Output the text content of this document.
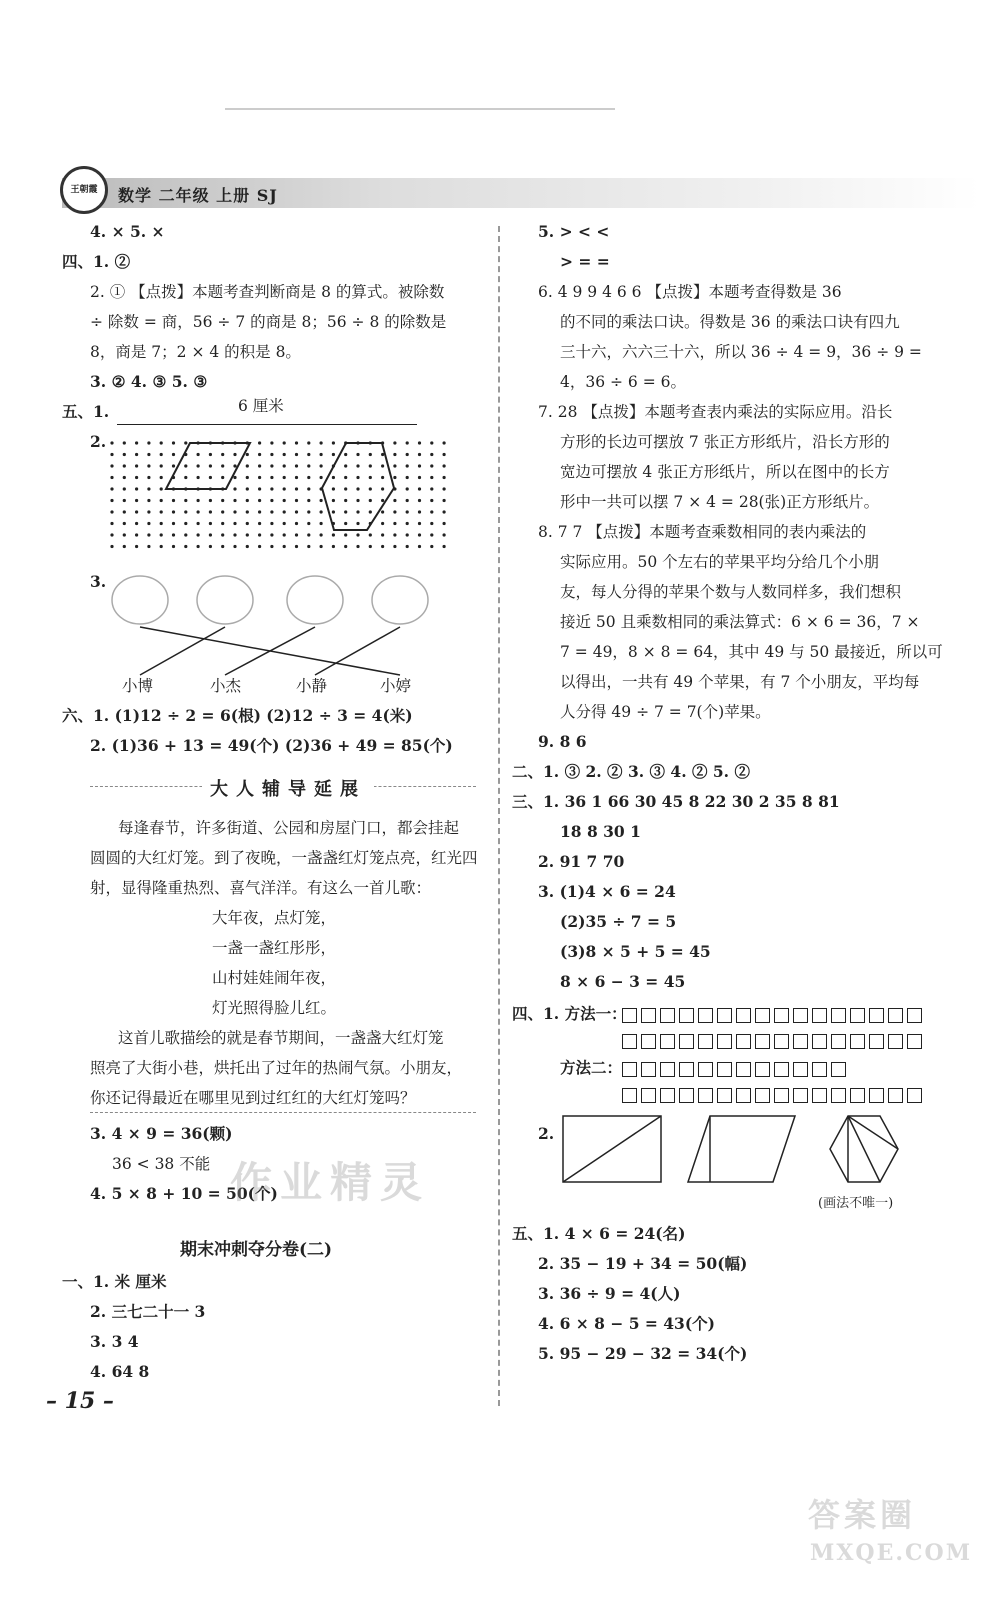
王朝霞	数学 二年级 上册 SJ
4. × 5. ×
四、1. ②
2. ① 【点拨】本题考查判断商是 8 的算式。被除数
÷ 除数 = 商，56 ÷ 7 的商是 8；56 ÷ 8 的除数是
8，商是 7；2 × 4 的积是 8。
3. ② 4. ③ 5. ③
五、1.	6 厘米
2.
3.
小博	小杰	小静	小婷
六、1. (1)12 ÷ 2 = 6(根) (2)12 ÷ 3 = 4(米)
2. (1)36 + 13 = 49(个) (2)36 + 49 = 85(个)
大人辅导延展
每逢春节，许多街道、公园和房屋门口，都会挂起
圆圆的大红灯笼。到了夜晚，一盏盏红灯笼点亮，红光四
射，显得隆重热烈、喜气洋洋。有这么一首儿歌：
大年夜，点灯笼，
一盏一盏红彤彤，
山村娃娃闹年夜，
灯光照得脸儿红。
这首儿歌描绘的就是春节期间，一盏盏大红灯笼
照亮了大街小巷，烘托出了过年的热闹气氛。小朋友，
你还记得最近在哪里见到过红红的大红灯笼吗？
3. 4 × 9 = 36(颗)
36 < 38 不能
4. 5 × 8 + 10 = 50(个)
作业精灵
期末冲刺夺分卷(二)
一、1. 米 厘米
2. 三七二十一 3
3. 3 4
4. 64 8
– 15 –
5. > < <
> = =
6. 4 9 9 4 6 6 【点拨】本题考查得数是 36
的不同的乘法口诀。得数是 36 的乘法口诀有四九
三十六，六六三十六，所以 36 ÷ 4 = 9，36 ÷ 9 =
4，36 ÷ 6 = 6。
7. 28 【点拨】本题考查表内乘法的实际应用。沿长
方形的长边可摆放 7 张正方形纸片，沿长方形的
宽边可摆放 4 张正方形纸片，所以在图中的长方
形中一共可以摆 7 × 4 = 28(张)正方形纸片。
8. 7 7 【点拨】本题考查乘数相同的表内乘法的
实际应用。50 个左右的苹果平均分给几个小朋
友，每人分得的苹果个数与人数同样多，我们想积
接近 50 且乘数相同的乘法算式：6 × 6 = 36，7 ×
7 = 49，8 × 8 = 64，其中 49 与 50 最接近，所以可
以得出，一共有 49 个苹果，有 7 个小朋友，平均每
人分得 49 ÷ 7 = 7(个)苹果。
9. 8 6
二、1. ③ 2. ② 3. ③ 4. ② 5. ②
三、1. 36 1 66 30 45 8 22 30 2 35 8 81
18 8 30 1
2. 91 7 70
3. (1)4 × 6 = 24
(2)35 ÷ 7 = 5
(3)8 × 5 + 5 = 45
8 × 6 − 3 = 45
四、1. 方法一：
方法二：
2.
(画法不唯一)
五、1. 4 × 6 = 24(名)
2. 35 − 19 + 34 = 50(幅)
3. 36 ÷ 9 = 4(人)
4. 6 × 8 − 5 = 43(个)
5. 95 − 29 − 32 = 34(个)
答案圈
MXQE.COM
